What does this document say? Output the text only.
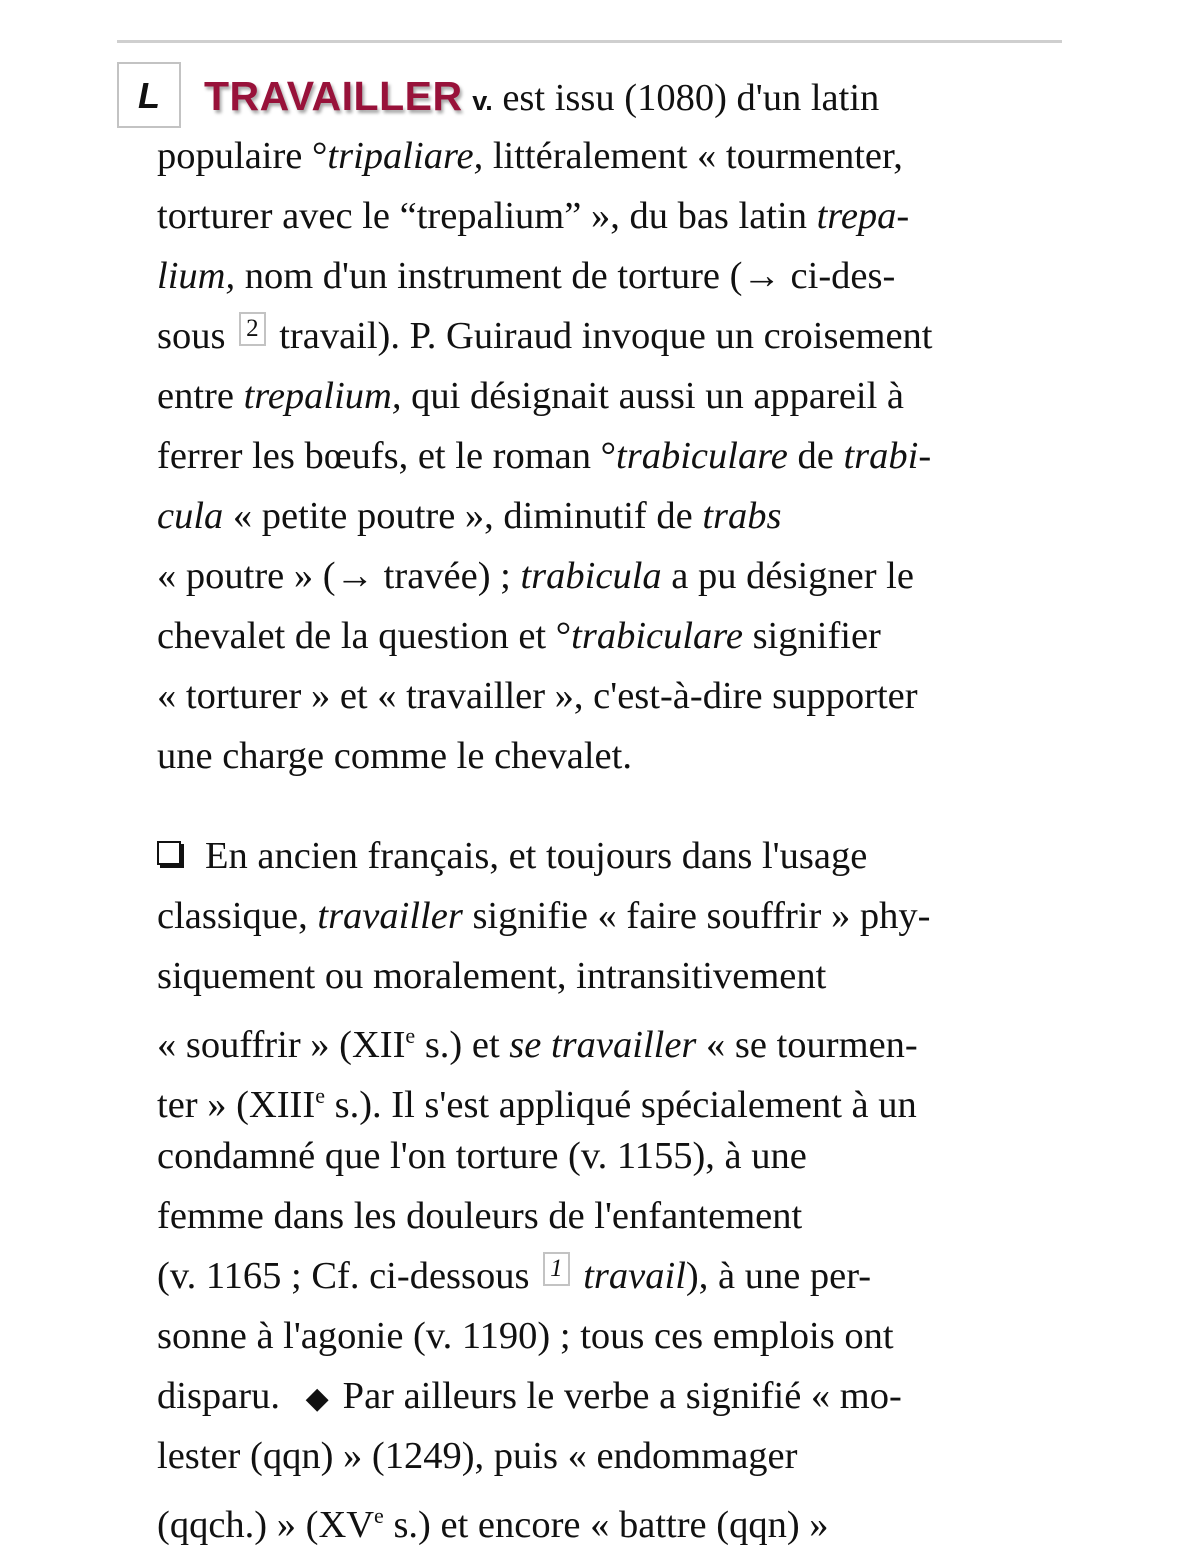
L	TRAVAILLER v. est issu (1080) d'un latin
populaire °tripaliare, littéralement « tourmenter,
torturer avec le “trepalium” », du bas latin trepa-
lium, nom d'un instrument de torture (→ ci-des-
sous 2 travail). P. Guiraud invoque un croisement
entre trepalium, qui désignait aussi un appareil à
ferrer les bœufs, et le roman °trabiculare de trabi-
cula « petite poutre », diminutif de trabs
« poutre » (→ travée) ; trabicula a pu désigner le
chevalet de la question et °trabiculare signifier
« torturer » et « travailler », c'est-à-dire supporter
une charge comme le chevalet.
En ancien français, et toujours dans l'usage
classique, travailler signifie « faire souffrir » phy-
siquement ou moralement, intransitivement
« souffrir » (XIIe s.) et se travailler « se tourmen-
ter » (XIIIe s.). Il s'est appliqué spécialement à un
condamné que l'on torture (v. 1155), à une
femme dans les douleurs de l'enfantement
(v. 1165 ; Cf. ci-dessous 1 travail), à une per-
sonne à l'agonie (v. 1190) ; tous ces emplois ont
disparu. ◆ Par ailleurs le verbe a signifié « mo-
lester (qqn) » (1249), puis « endommager
(qqch.) » (XVe s.) et encore « battre (qqn) »
